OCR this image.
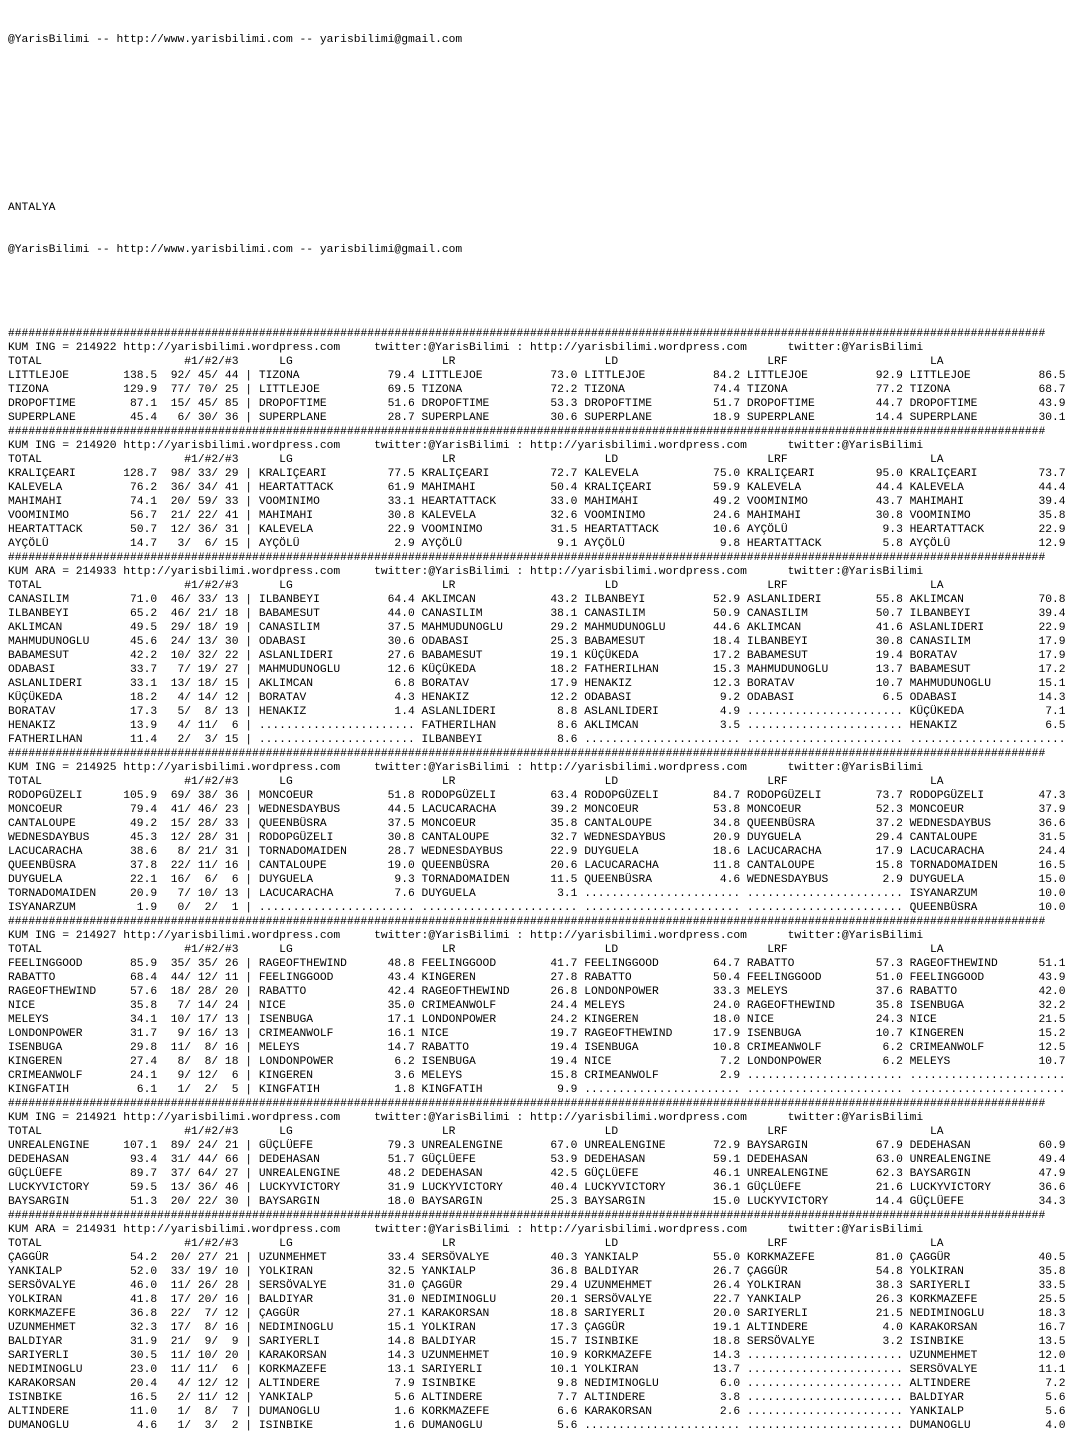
@YarisBilimi -- http://www.yarisbilimi.com -- yarisbilimi@gmail.com

ANTALYA

@YarisBilimi -- http://www.yarisbilimi.com -- yarisbilimi@gmail.com

#########################################################################################################################################################
KUM ING = 214922 http://yarisbilimi.wordpress.com     twitter:@YarisBilimi : http://yarisbilimi.wordpress.com      twitter:@YarisBilimi
TOTAL                     #1/#2/#3      LG                      LR                      LD                      LRF                     LA
LITTLEJOE        138.5  92/ 45/ 44 | TIZONA             79.4 LITTLEJOE          73.0 LITTLEJOE          84.2 LITTLEJOE          92.9 LITTLEJOE          86.5
TIZONA           129.9  77/ 70/ 25 | LITTLEJOE          69.5 TIZONA             72.2 TIZONA             74.4 TIZONA             77.2 TIZONA             68.7
DROPOFTIME        87.1  15/ 45/ 85 | DROPOFTIME         51.6 DROPOFTIME         53.3 DROPOFTIME         51.7 DROPOFTIME         44.7 DROPOFTIME         43.9
SUPERPLANE        45.4   6/ 30/ 36 | SUPERPLANE         28.7 SUPERPLANE         30.6 SUPERPLANE         18.9 SUPERPLANE         14.4 SUPERPLANE         30.1
#########################################################################################################################################################
KUM ING = 214920 http://yarisbilimi.wordpress.com     twitter:@YarisBilimi : http://yarisbilimi.wordpress.com      twitter:@YarisBilimi
TOTAL                     #1/#2/#3      LG                      LR                      LD                      LRF                     LA
KRALIÇEARI       128.7  98/ 33/ 29 | KRALIÇEARI         77.5 KRALIÇEARI         72.7 KALEVELA           75.0 KRALIÇEARI         95.0 KRALIÇEARI         73.7
KALEVELA          76.2  36/ 34/ 41 | HEARTATTACK        61.9 MAHIMAHI           50.4 KRALIÇEARI         59.9 KALEVELA           44.4 KALEVELA           44.4
MAHIMAHI          74.1  20/ 59/ 33 | VOOMINIMO          33.1 HEARTATTACK        33.0 MAHIMAHI           49.2 VOOMINIMO          43.7 MAHIMAHI           39.4
VOOMINIMO         56.7  21/ 22/ 41 | MAHIMAHI           30.8 KALEVELA           32.6 VOOMINIMO          24.6 MAHIMAHI           30.8 VOOMINIMO          35.8
HEARTATTACK       50.7  12/ 36/ 31 | KALEVELA           22.9 VOOMINIMO          31.5 HEARTATTACK        10.6 AYÇÖLÜ              9.3 HEARTATTACK        22.9
AYÇÖLÜ            14.7   3/  6/ 15 | AYÇÖLÜ              2.9 AYÇÖLÜ              9.1 AYÇÖLÜ              9.8 HEARTATTACK         5.8 AYÇÖLÜ             12.9
#########################################################################################################################################################
KUM ARA = 214933 http://yarisbilimi.wordpress.com     twitter:@YarisBilimi : http://yarisbilimi.wordpress.com      twitter:@YarisBilimi
TOTAL                     #1/#2/#3      LG                      LR                      LD                      LRF                     LA
CANASILIM         71.0  46/ 33/ 13 | ILBANBEYI          64.4 AKLIMCAN           43.2 ILBANBEYI          52.9 ASLANLIDERI        55.8 AKLIMCAN           70.8
ILBANBEYI         65.2  46/ 21/ 18 | BABAMESUT          44.0 CANASILIM          38.1 CANASILIM          50.9 CANASILIM          50.7 ILBANBEYI          39.4
AKLIMCAN          49.5  29/ 18/ 19 | CANASILIM          37.5 MAHMUDUNOGLU       29.2 MAHMUDUNOGLU       44.6 AKLIMCAN           41.6 ASLANLIDERI        22.9
MAHMUDUNOGLU      45.6  24/ 13/ 30 | ODABASI            30.6 ODABASI            25.3 BABAMESUT          18.4 ILBANBEYI          30.8 CANASILIM          17.9
BABAMESUT         42.2  10/ 32/ 22 | ASLANLIDERI        27.6 BABAMESUT          19.1 KÜÇÜKEDA           17.2 BABAMESUT          19.4 BORATAV            17.9
ODABASI           33.7   7/ 19/ 27 | MAHMUDUNOGLU       12.6 KÜÇÜKEDA           18.2 FATHERILHAN        15.3 MAHMUDUNOGLU       13.7 BABAMESUT          17.2
ASLANLIDERI       33.1  13/ 18/ 15 | AKLIMCAN            6.8 BORATAV            17.9 HENAKIZ            12.3 BORATAV            10.7 MAHMUDUNOGLU       15.1
KÜÇÜKEDA          18.2   4/ 14/ 12 | BORATAV             4.3 HENAKIZ            12.2 ODABASI             9.2 ODABASI             6.5 ODABASI            14.3
BORATAV           17.3   5/  8/ 13 | HENAKIZ             1.4 ASLANLIDERI         8.8 ASLANLIDERI         4.9 ....................... KÜÇÜKEDA            7.1
HENAKIZ           13.9   4/ 11/  6 | ....................... FATHERILHAN         8.6 AKLIMCAN            3.5 ....................... HENAKIZ             6.5
FATHERILHAN       11.4   2/  3/ 15 | ....................... ILBANBEYI           8.6 ....................... ....................... .......................
#########################################################################################################################################################
KUM ING = 214925 http://yarisbilimi.wordpress.com     twitter:@YarisBilimi : http://yarisbilimi.wordpress.com      twitter:@YarisBilimi
TOTAL                     #1/#2/#3      LG                      LR                      LD                      LRF                     LA
RODOPGÜZELI      105.9  69/ 38/ 36 | MONCOEUR           51.8 RODOPGÜZELI        63.4 RODOPGÜZELI        84.7 RODOPGÜZELI        73.7 RODOPGÜZELI        47.3
MONCOEUR          79.4  41/ 46/ 23 | WEDNESDAYBUS       44.5 LACUCARACHA        39.2 MONCOEUR           53.8 MONCOEUR           52.3 MONCOEUR           37.9
CANTALOUPE        49.2  15/ 28/ 33 | QUEENBÜSRA         37.5 MONCOEUR           35.8 CANTALOUPE         34.8 QUEENBÜSRA         37.2 WEDNESDAYBUS       36.6
WEDNESDAYBUS      45.3  12/ 28/ 31 | RODOPGÜZELI        30.8 CANTALOUPE         32.7 WEDNESDAYBUS       20.9 DUYGUELA           29.4 CANTALOUPE         31.5
LACUCARACHA       38.6   8/ 21/ 31 | TORNADOMAIDEN      28.7 WEDNESDAYBUS       22.9 DUYGUELA           18.6 LACUCARACHA        17.9 LACUCARACHA        24.4
QUEENBÜSRA        37.8  22/ 11/ 16 | CANTALOUPE         19.0 QUEENBÜSRA         20.6 LACUCARACHA        11.8 CANTALOUPE         15.8 TORNADOMAIDEN      16.5
DUYGUELA          22.1  16/  6/  6 | DUYGUELA            9.3 TORNADOMAIDEN      11.5 QUEENBÜSRA          4.6 WEDNESDAYBUS        2.9 DUYGUELA           15.0
TORNADOMAIDEN     20.9   7/ 10/ 13 | LACUCARACHA         7.6 DUYGUELA            3.1 ....................... ....................... ISYANARZUM         10.0
ISYANARZUM         1.9   0/  2/  1 | ....................... ....................... ....................... ....................... QUEENBÜSRA         10.0
#########################################################################################################################################################
KUM ING = 214927 http://yarisbilimi.wordpress.com     twitter:@YarisBilimi : http://yarisbilimi.wordpress.com      twitter:@YarisBilimi
TOTAL                     #1/#2/#3      LG                      LR                      LD                      LRF                     LA
FEELINGGOOD       85.9  35/ 35/ 26 | RAGEOFTHEWIND      48.8 FEELINGGOOD        41.7 FEELINGGOOD        64.7 RABATTO            57.3 RAGEOFTHEWIND      51.1
RABATTO           68.4  44/ 12/ 11 | FEELINGGOOD        43.4 KINGEREN           27.8 RABATTO            50.4 FEELINGGOOD        51.0 FEELINGGOOD        43.9
RAGEOFTHEWIND     57.6  18/ 28/ 20 | RABATTO            42.4 RAGEOFTHEWIND      26.8 LONDONPOWER        33.3 MELEYS             37.6 RABATTO            42.0
NICE              35.8   7/ 14/ 24 | NICE               35.0 CRIMEANWOLF        24.4 MELEYS             24.0 RAGEOFTHEWIND      35.8 ISENBUGA           32.2
MELEYS            34.1  10/ 17/ 13 | ISENBUGA           17.1 LONDONPOWER        24.2 KINGEREN           18.0 NICE               24.3 NICE               21.5
LONDONPOWER       31.7   9/ 16/ 13 | CRIMEANWOLF        16.1 NICE               19.7 RAGEOFTHEWIND      17.9 ISENBUGA           10.7 KINGEREN           15.2
ISENBUGA          29.8  11/  8/ 16 | MELEYS             14.7 RABATTO            19.4 ISENBUGA           10.8 CRIMEANWOLF         6.2 CRIMEANWOLF        12.5
KINGEREN          27.4   8/  8/ 18 | LONDONPOWER         6.2 ISENBUGA           19.4 NICE                7.2 LONDONPOWER         6.2 MELEYS             10.7
CRIMEANWOLF       24.1   9/ 12/  6 | KINGEREN            3.6 MELEYS             15.8 CRIMEANWOLF         2.9 ....................... .......................
KINGFATIH          6.1   1/  2/  5 | KINGFATIH           1.8 KINGFATIH           9.9 ....................... ....................... .......................
#########################################################################################################################################################
KUM ING = 214921 http://yarisbilimi.wordpress.com     twitter:@YarisBilimi : http://yarisbilimi.wordpress.com      twitter:@YarisBilimi
TOTAL                     #1/#2/#3      LG                      LR                      LD                      LRF                     LA
UNREALENGINE     107.1  89/ 24/ 21 | GÜÇLÜEFE           79.3 UNREALENGINE       67.0 UNREALENGINE       72.9 BAYSARGIN          67.9 DEDEHASAN          60.9
DEDEHASAN         93.4  31/ 44/ 66 | DEDEHASAN          51.7 GÜÇLÜEFE           53.9 DEDEHASAN          59.1 DEDEHASAN          63.0 UNREALENGINE       49.4
GÜÇLÜEFE          89.7  37/ 64/ 27 | UNREALENGINE       48.2 DEDEHASAN          42.5 GÜÇLÜEFE           46.1 UNREALENGINE       62.3 BAYSARGIN          47.9
LUCKYVICTORY      59.5  13/ 36/ 46 | LUCKYVICTORY       31.9 LUCKYVICTORY       40.4 LUCKYVICTORY       36.1 GÜÇLÜEFE           21.6 LUCKYVICTORY       36.6
BAYSARGIN         51.3  20/ 22/ 30 | BAYSARGIN          18.0 BAYSARGIN          25.3 BAYSARGIN          15.0 LUCKYVICTORY       14.4 GÜÇLÜEFE           34.3
#########################################################################################################################################################
KUM ARA = 214931 http://yarisbilimi.wordpress.com     twitter:@YarisBilimi : http://yarisbilimi.wordpress.com      twitter:@YarisBilimi
TOTAL                     #1/#2/#3      LG                      LR                      LD                      LRF                     LA
ÇAGGÜR            54.2  20/ 27/ 21 | UZUNMEHMET         33.4 SERSÖVALYE         40.3 YANKIALP           55.0 KORKMAZEFE         81.0 ÇAGGÜR             40.5
YANKIALP          52.0  33/ 19/ 10 | YOLKIRAN           32.5 YANKIALP           36.8 BALDIYAR           26.7 ÇAGGÜR             54.8 YOLKIRAN           35.8
SERSÖVALYE        46.0  11/ 26/ 28 | SERSÖVALYE         31.0 ÇAGGÜR             29.4 UZUNMEHMET         26.4 YOLKIRAN           38.3 SARIYERLI          33.5
YOLKIRAN          41.8  17/ 20/ 16 | BALDIYAR           31.0 NEDIMINOGLU        20.1 SERSÖVALYE         22.7 YANKIALP           26.3 KORKMAZEFE         25.5
KORKMAZEFE        36.8  22/  7/ 12 | ÇAGGÜR             27.1 KARAKORSAN         18.8 SARIYERLI          20.0 SARIYERLI          21.5 NEDIMINOGLU        18.3
UZUNMEHMET        32.3  17/  8/ 16 | NEDIMINOGLU        15.1 YOLKIRAN           17.3 ÇAGGÜR             19.1 ALTINDERE           4.0 KARAKORSAN         16.7
BALDIYAR          31.9  21/  9/  9 | SARIYERLI          14.8 BALDIYAR           15.7 ISINBIKE           18.8 SERSÖVALYE          3.2 ISINBIKE           13.5
SARIYERLI         30.5  11/ 10/ 20 | KARAKORSAN         14.3 UZUNMEHMET         10.9 KORKMAZEFE         14.3 ....................... UZUNMEHMET         12.0
NEDIMINOGLU       23.0  11/ 11/  6 | KORKMAZEFE         13.1 SARIYERLI          10.1 YOLKIRAN           13.7 ....................... SERSÖVALYE         11.1
KARAKORSAN        20.4   4/ 12/ 12 | ALTINDERE           7.9 ISINBIKE            9.8 NEDIMINOGLU         6.0 ....................... ALTINDERE           7.2
ISINBIKE          16.5   2/ 11/ 12 | YANKIALP            5.6 ALTINDERE           7.7 ALTINDERE           3.8 ....................... BALDIYAR            5.6
ALTINDERE         11.0   1/  8/  7 | DUMANOGLU           1.6 KORKMAZEFE          6.6 KARAKORSAN          2.6 ....................... YANKIALP            5.6
DUMANOGLU          4.6   1/  3/  2 | ISINBIKE            1.6 DUMANOGLU           5.6 ....................... ....................... DUMANOGLU           4.0
